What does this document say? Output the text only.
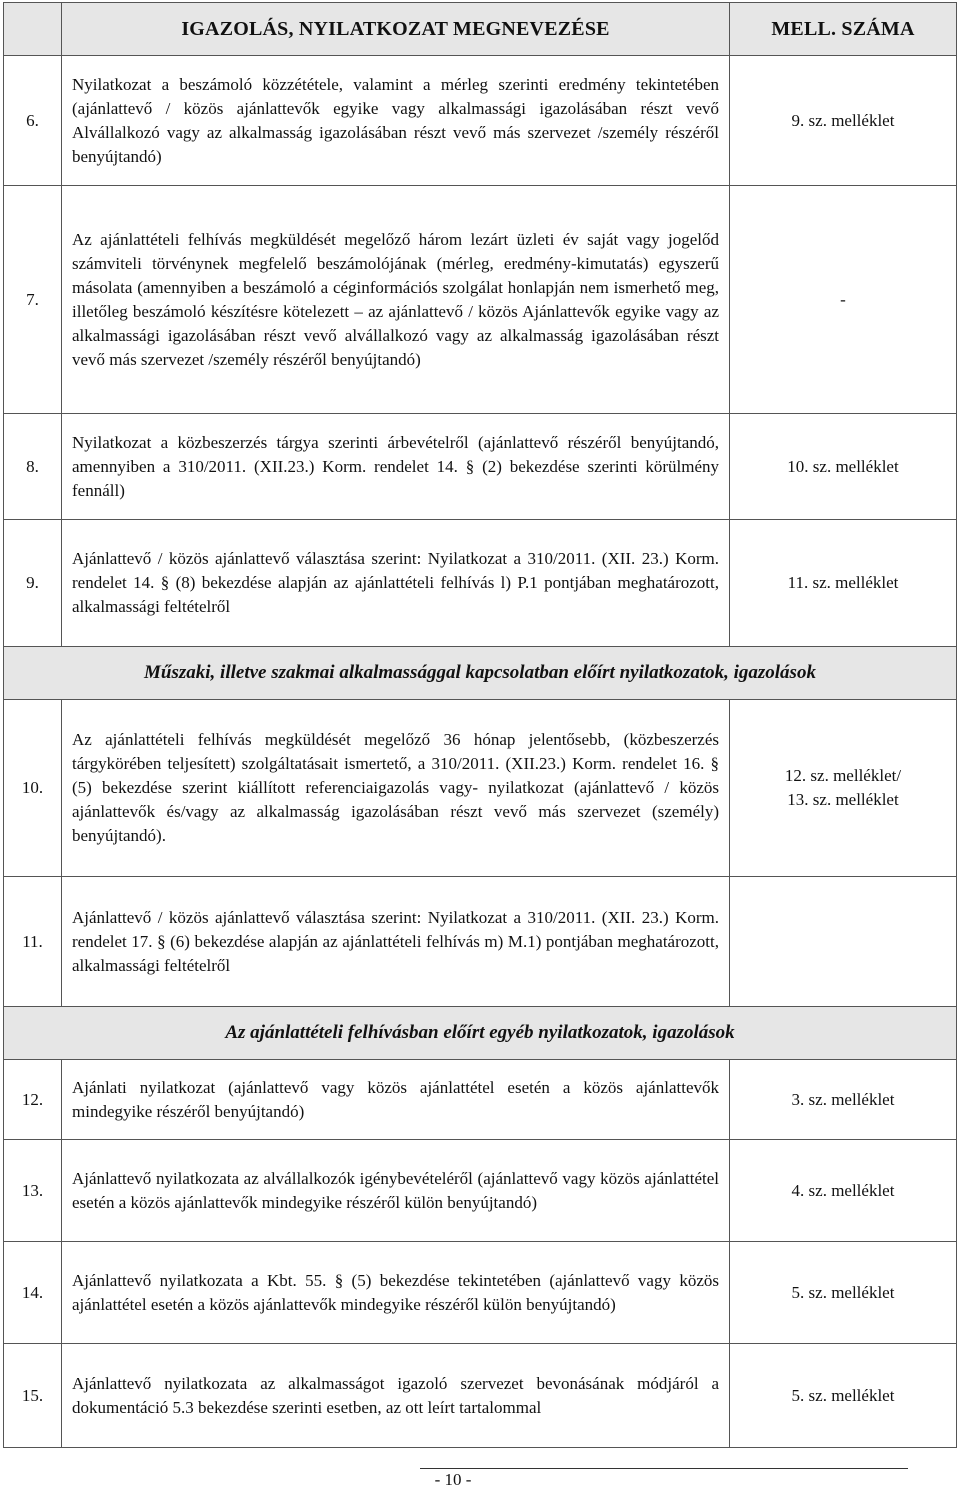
	IGAZOLÁS, NYILATKOZAT MEGNEVEZÉSE	MELL. SZÁMA
6.	Nyilatkozat a beszámoló közzététele, valamint a mérleg szerinti eredmény tekintetében (ajánlattevő / közös ajánlattevők egyike vagy alkalmassági igazolásában részt vevő Alvállalkozó vagy az alkalmasság igazolásában részt vevő más szervezet /személy részéről benyújtandó)	9. sz. melléklet
7.	Az ajánlattételi felhívás megküldését megelőző három lezárt üzleti év saját vagy jogelőd számviteli törvénynek megfelelő beszámolójának (mérleg, eredmény-kimutatás) egyszerű másolata (amennyiben a beszámoló a céginformációs szolgálat honlapján nem ismerhető meg, illetőleg beszámoló készítésre kötelezett – az ajánlattevő / közös Ajánlattevők egyike vagy az alkalmassági igazolásában részt vevő alvállalkozó vagy az alkalmasság igazolásában részt vevő más szervezet /személy részéről benyújtandó)	-
8.	Nyilatkozat a közbeszerzés tárgya szerinti árbevételről (ajánlattevő részéről benyújtandó, amennyiben a 310/2011. (XII.23.) Korm. rendelet 14. § (2) bekezdése szerinti körülmény fennáll)	10. sz. melléklet
9.	Ajánlattevő / közös ajánlattevő választása szerint: Nyilatkozat a 310/2011. (XII. 23.) Korm. rendelet 14. § (8) bekezdése alapján az ajánlattételi felhívás l) P.1 pontjában meghatározott, alkalmassági feltételről	11. sz. melléklet
Műszaki, illetve szakmai alkalmassággal kapcsolatban előírt nyilatkozatok, igazolások		
10.	Az ajánlattételi felhívás megküldését megelőző 36 hónap jelentősebb, (közbeszerzés tárgykörében teljesített) szolgáltatásait ismertető, a 310/2011. (XII.23.) Korm. rendelet 16. § (5) bekezdése szerint kiállított referenciaigazolás vagy- nyilatkozat (ajánlattevő / közös ajánlattevők és/vagy az alkalmasság igazolásában részt vevő más szervezet (személy) benyújtandó).	12. sz. melléklet/
13. sz. melléklet

11.	Ajánlattevő / közös ajánlattevő választása szerint: Nyilatkozat a 310/2011. (XII. 23.) Korm. rendelet 17. § (6) bekezdése alapján az ajánlattételi felhívás m) M.1) pontjában meghatározott, alkalmassági feltételről	
Az ajánlattételi felhívásban előírt egyéb nyilatkozatok, igazolások		
12.	Ajánlati nyilatkozat (ajánlattevő vagy közös ajánlattétel esetén a közös ajánlattevők mindegyike részéről benyújtandó)	3. sz. melléklet
13.	Ajánlattevő nyilatkozata az alvállalkozók igénybevételéről (ajánlattevő vagy közös ajánlattétel esetén a közös ajánlattevők mindegyike részéről külön benyújtandó)	4. sz. melléklet
14.	Ajánlattevő nyilatkozata a Kbt. 55. § (5) bekezdése tekintetében (ajánlattevő vagy közös ajánlattétel esetén a közös ajánlattevők mindegyike részéről külön benyújtandó)	5. sz. melléklet
15.	Ajánlattevő nyilatkozata az alkalmasságot igazoló szervezet bevonásának módjáról a dokumentáció 5.3 bekezdése szerinti esetben, az ott leírt tartalommal	5. sz. melléklet
- 10 -
